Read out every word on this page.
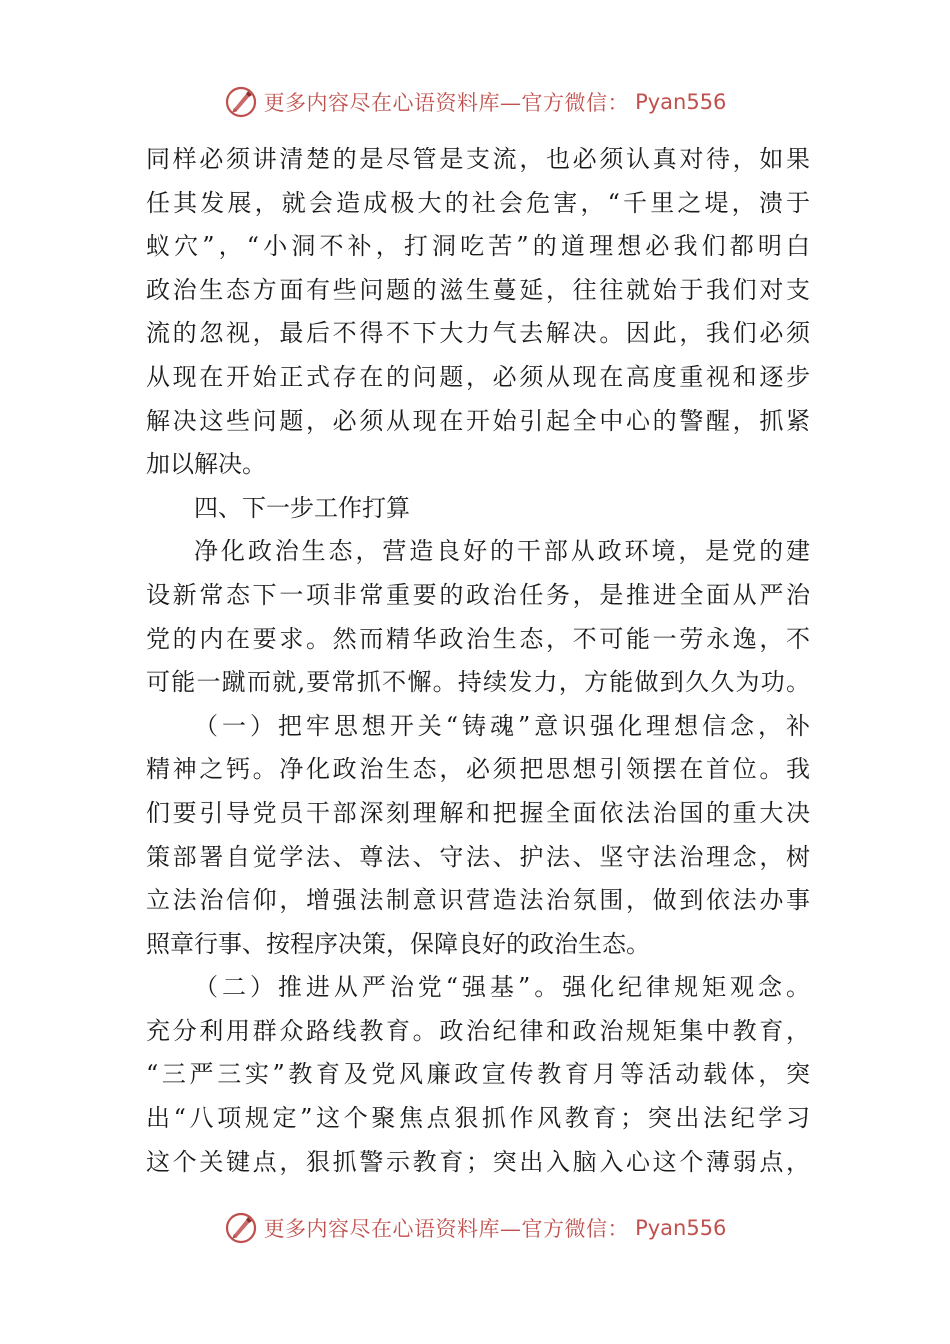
更多内容尽在心语资料库—官方微信： Pyan556
同样必须讲清楚的是尽管是支流，也必须认真对待，如果
任其发展，就会造成极大的社会危害，“千里之堤，溃于
蚁穴”，“小洞不补，打洞吃苦”的道理想必我们都明白
政治生态方面有些问题的滋生蔓延，往往就始于我们对支
流的忽视，最后不得不下大力气去解决。因此，我们必须
从现在开始正式存在的问题，必须从现在高度重视和逐步
解决这些问题，必须从现在开始引起全中心的警醒，抓紧
加以解决。
四、下一步工作打算
净化政治生态，营造良好的干部从政环境，是党的建
设新常态下一项非常重要的政治任务，是推进全面从严治
党的内在要求。然而精华政治生态，不可能一劳永逸，不
可能一蹴而就,要常抓不懈。持续发力，方能做到久久为功。
（一）把牢思想开关“铸魂”意识强化理想信念，补
精神之钙。净化政治生态，必须把思想引领摆在首位。我
们要引导党员干部深刻理解和把握全面依法治国的重大决
策部署自觉学法、尊法、守法、护法、坚守法治理念，树
立法治信仰，增强法制意识营造法治氛围，做到依法办事
照章行事、按程序决策，保障良好的政治生态。
（二）推进从严治党“强基”。强化纪律规矩观念。
充分利用群众路线教育。政治纪律和政治规矩集中教育，
“三严三实”教育及党风廉政宣传教育月等活动载体，突
出“八项规定”这个聚焦点狠抓作风教育；突出法纪学习
这个关键点，狠抓警示教育；突出入脑入心这个薄弱点，
更多内容尽在心语资料库—官方微信： Pyan556
